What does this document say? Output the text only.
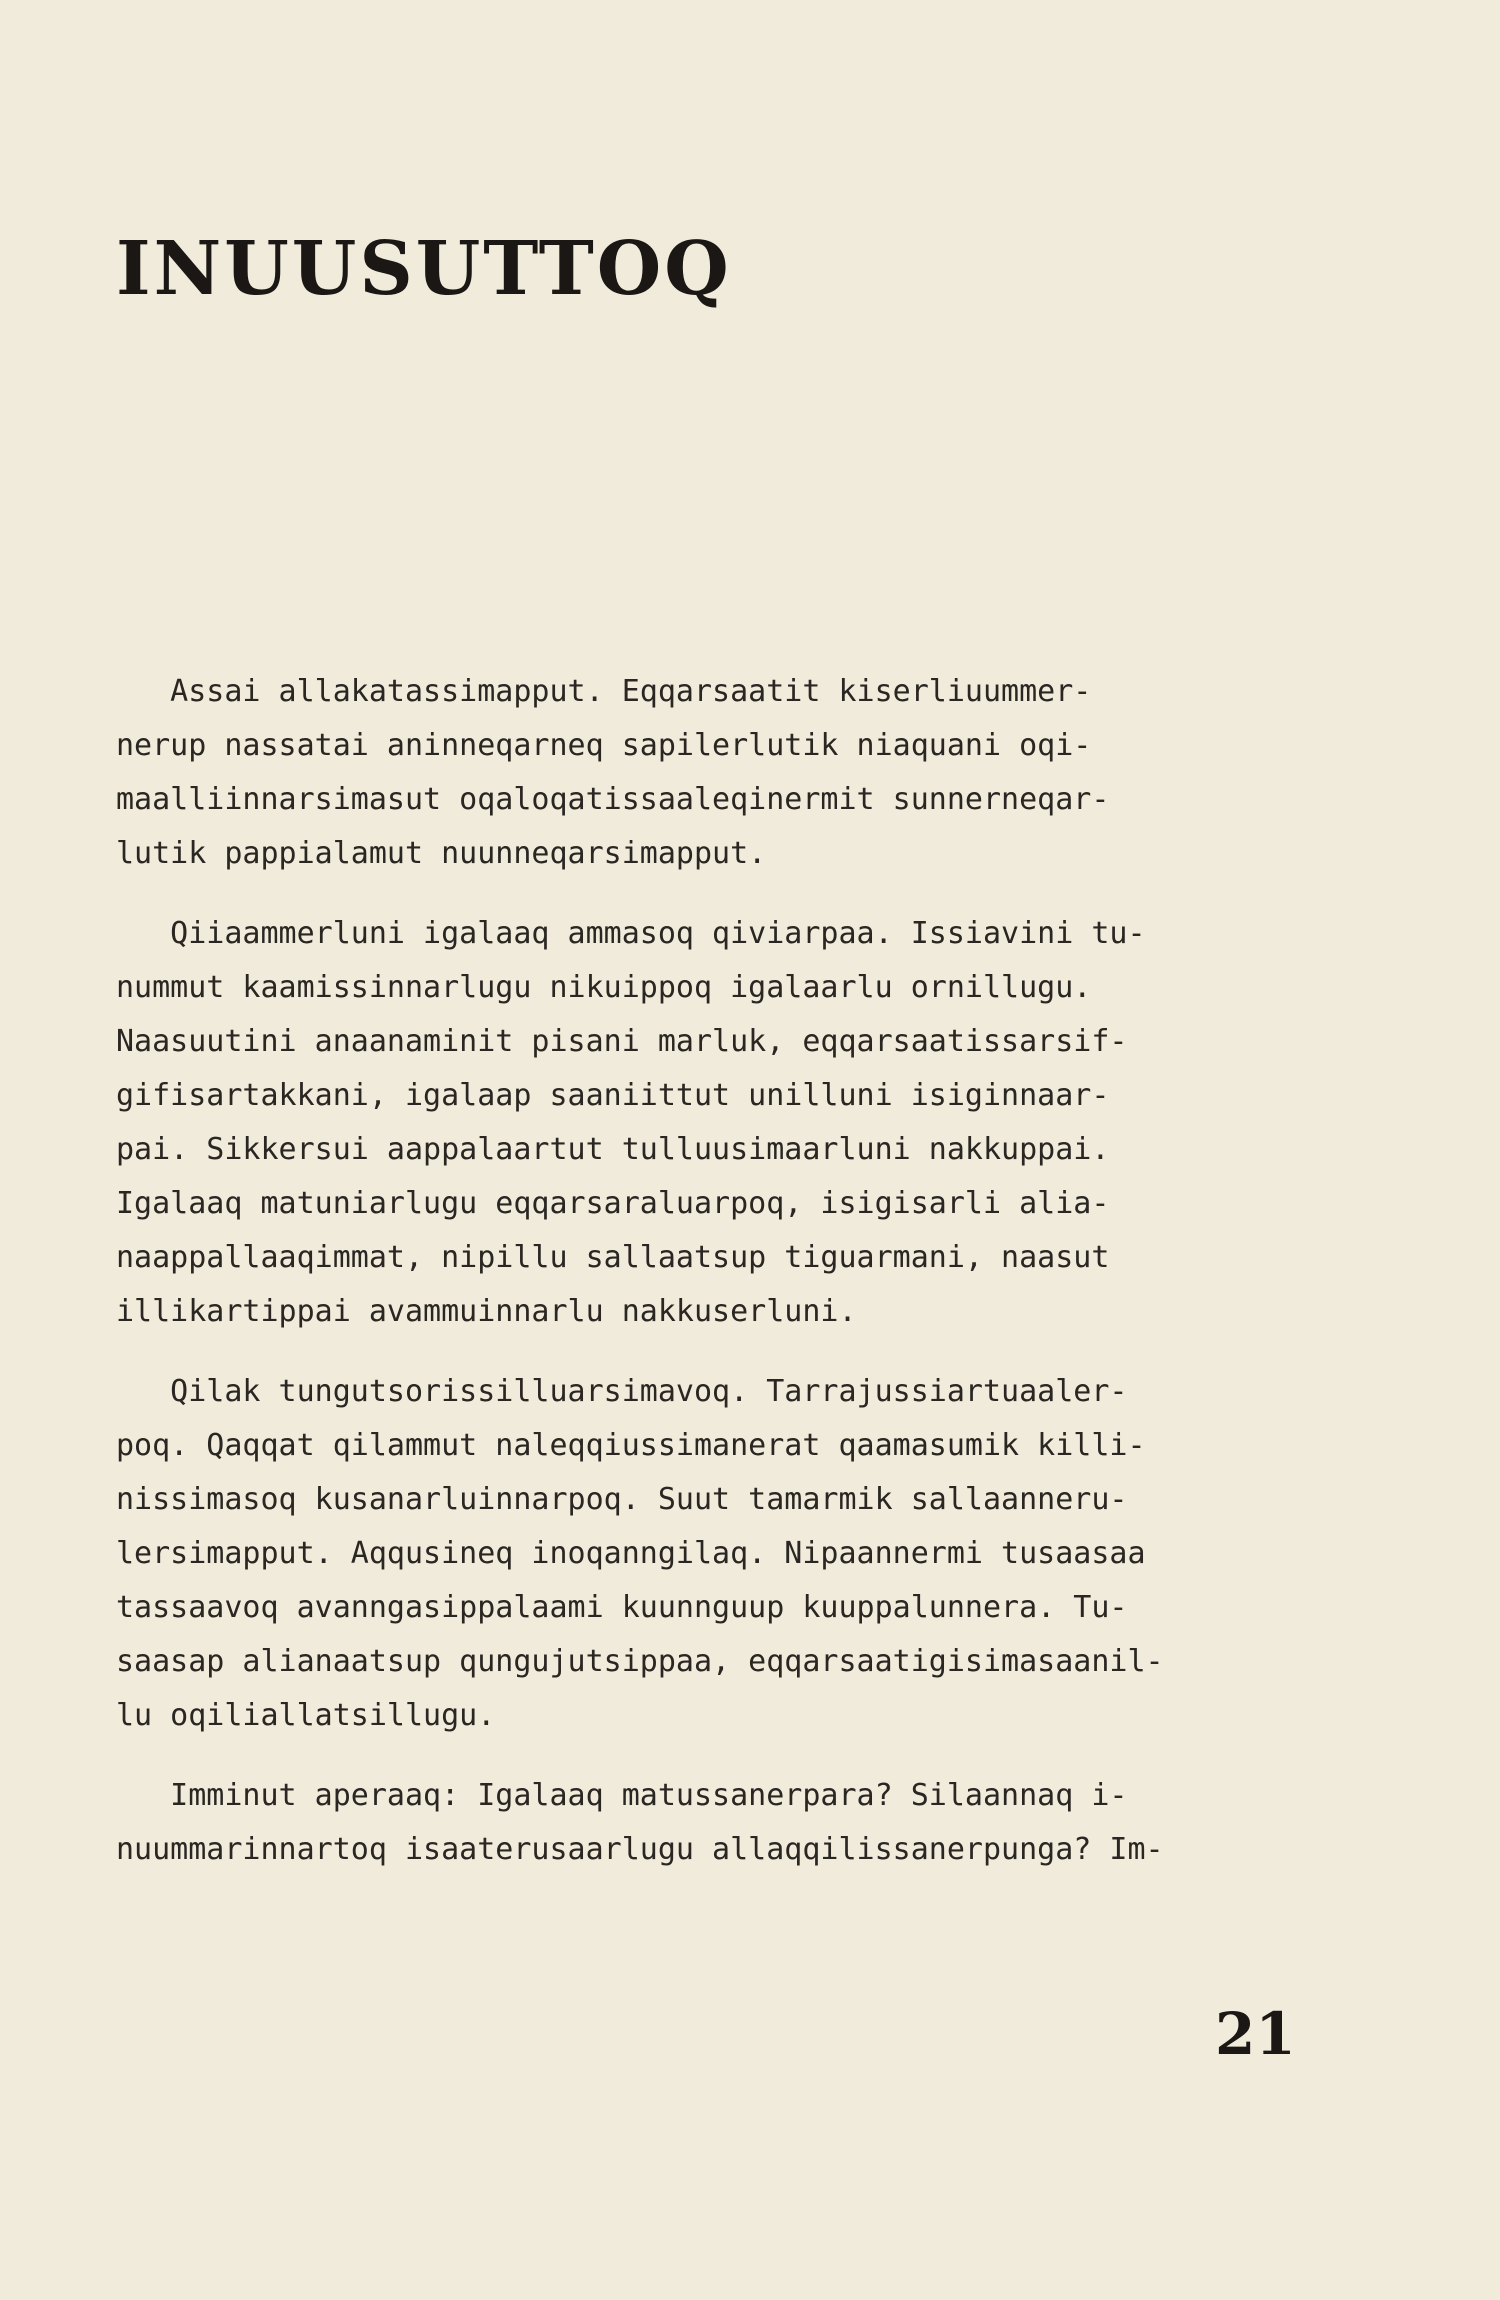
INUUSUTTOQ

Assai allakatassimapput. Eqqarsaatit kiserliuummer-
nerup nassatai aninneqarneq sapilerlutik niaquani oqi-
maalliinnarsimasut oqaloqatissaaleqinermit sunnerneqar-
lutik pappialamut nuunneqarsimapput.

Qiiaammerluni igalaaq ammasoq qiviarpaa. Issiavini tu-
nummut kaamissinnarlugu nikuippoq igalaarlu ornillugu.
Naasuutini anaanaminit pisani marluk, eqqarsaatissarsif-
gifisartakkani, igalaap saaniittut unilluni isiginnaar-
pai. Sikkersui aappalaartut tulluusimaarluni nakkuppai.
Igalaaq matuniarlugu eqqarsaraluarpoq, isigisarli alia-
naappallaaqimmat, nipillu sallaatsup tiguarmani, naasut
illikartippai avammuinnarlu nakkuserluni.

Qilak tungutsorissilluarsimavoq. Tarrajussiartuaaler-
poq. Qaqqat qilammut naleqqiussimanerat qaamasumik killi-
nissimasoq kusanarluinnarpoq. Suut tamarmik sallaanneru-
lersimapput. Aqqusineq inoqanngilaq. Nipaannermi tusaasaa
tassaavoq avanngasippalaami kuunnguup kuuppalunnera. Tu-
saasap alianaatsup qungujutsippaa, eqqarsaatigisimasaanil-
lu oqiliallatsillugu.

Imminut aperaaq: Igalaaq matussanerpara? Silaannaq i-
nuummarinnartoq isaaterusaarlugu allaqqilissanerpunga? Im-

21
